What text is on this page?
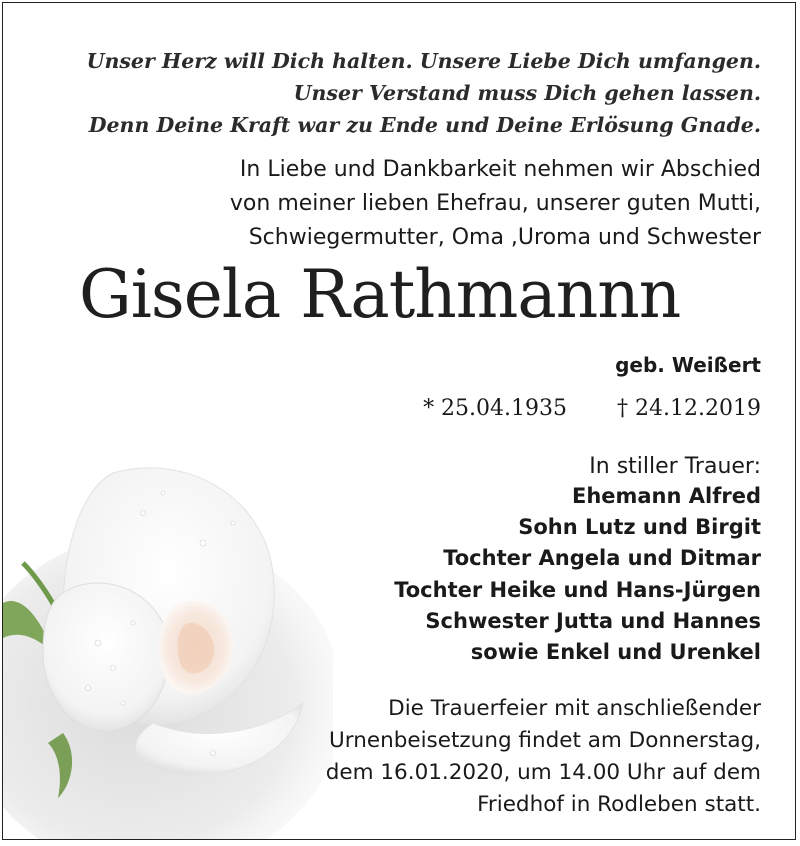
Unser Herz will Dich halten. Unsere Liebe Dich umfangen.
Unser Verstand muss Dich gehen lassen.
Denn Deine Kraft war zu Ende und Deine Erlösung Gnade.
In Liebe und Dankbarkeit nehmen wir Abschied
von meiner lieben Ehefrau, unserer guten Mutti,
Schwiegermutter, Oma ,Uroma und Schwester
Gisela Rathmannn
geb. Weißert
* 25.04.1935 † 24.12.2019
In stiller Trauer:
Ehemann Alfred
Sohn Lutz und Birgit
Tochter Angela und Ditmar
Tochter Heike und Hans-Jürgen
Schwester Jutta und Hannes
sowie Enkel und Urenkel
Die Trauerfeier mit anschließender
Urnenbeisetzung findet am Donnerstag,
dem 16.01.2020, um 14.00 Uhr auf dem
Friedhof in Rodleben statt.
